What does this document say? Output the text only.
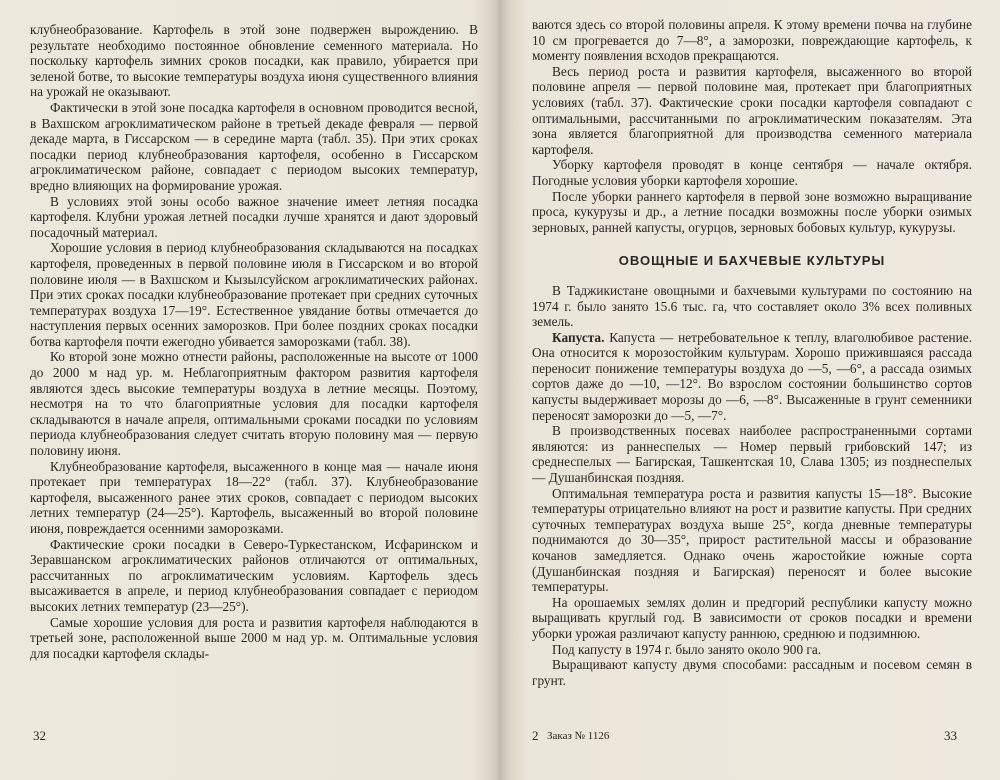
клубнеобразование. Картофель в этой зоне подвержен вырождению. В результате необходимо постоянное обновление семенного материала. Но поскольку картофель зимних сроков посадки, как правило, убирается при зеленой ботве, то высокие температуры воздуха июня существенного влияния на урожай не оказывают.

Фактически в этой зоне посадка картофеля в основном проводится весной, в Вахшском агроклиматическом районе в третьей декаде февраля — первой декаде марта, в Гиссарском — в середине марта (табл. 35). При этих сроках посадки период клубнеобразования картофеля, особенно в Гиссарском агроклиматическом районе, совпадает с периодом высоких температур, вредно влияющих на формирование урожая.

В условиях этой зоны особо важное значение имеет летняя посадка картофеля. Клубни урожая летней посадки лучше хранятся и дают здоровый посадочный материал.

Хорошие условия в период клубнеобразования складываются на посадках картофеля, проведенных в первой половине июля в Гиссарском и во второй половине июля — в Вахшском и Кызылсуйском агроклиматических районах. При этих сроках посадки клубнеобразование протекает при средних суточных температурах воздуха 17—19°. Естественное увядание ботвы отмечается до наступления первых осенних заморозков. При более поздних сроках посадки ботва картофеля почти ежегодно убивается заморозками (табл. 38).

Ко второй зоне можно отнести районы, расположенные на высоте от 1000 до 2000 м над ур. м. Неблагоприятным фактором развития картофеля являются здесь высокие температуры воздуха в летние месяцы. Поэтому, несмотря на то что благоприятные условия для посадки картофеля складываются в начале апреля, оптимальными сроками посадки по условиям периода клубнеобразования следует считать вторую половину мая — первую половину июня.

Клубнеобразование картофеля, высаженного в конце мая — начале июня протекает при температурах 18—22° (табл. 37). Клубнеобразование картофеля, высаженного ранее этих сроков, совпадает с периодом высоких летних температур (24—25°). Картофель, высаженный во второй половине июня, повреждается осенними заморозками.

Фактические сроки посадки в Северо-Туркестанском, Исфаринском и Зеравшанском агроклиматических районов отличаются от оптимальных, рассчитанных по агроклиматическим условиям. Картофель здесь высаживается в апреле, и период клубнеобразования совпадает с периодом высоких летних температур (23—25°).

Самые хорошие условия для роста и развития картофеля наблюдаются в третьей зоне, расположенной выше 2000 м над ур. м. Оптимальные условия для посадки картофеля склады-

ваются здесь со второй половины апреля. К этому времени почва на глубине 10 см прогревается до 7—8°, а заморозки, повреждающие картофель, к моменту появления всходов прекращаются.

Весь период роста и развития картофеля, высаженного во второй половине апреля — первой половине мая, протекает при благоприятных условиях (табл. 37). Фактические сроки посадки картофеля совпадают с оптимальными, рассчитанными по агроклиматическим показателям. Эта зона является благоприятной для производства семенного материала картофеля.

Уборку картофеля проводят в конце сентября — начале октября. Погодные условия уборки картофеля хорошие.

После уборки раннего картофеля в первой зоне возможно выращивание проса, кукурузы и др., а летние посадки возможны после уборки озимых зерновых, ранней капусты, огурцов, зерновых бобовых культур, кукурузы.

ОВОЩНЫЕ И БАХЧЕВЫЕ КУЛЬТУРЫ

В Таджикистане овощными и бахчевыми культурами по состоянию на 1974 г. было занято 15.6 тыс. га, что составляет около 3% всех поливных земель.

Капуста. Капуста — нетребовательное к теплу, влаголюбивое растение. Она относится к морозостойким культурам. Хорошо прижившаяся рассада переносит понижение температуры воздуха до —5, —6°, а рассада озимых сортов даже до —10, —12°. Во взрослом состоянии большинство сортов капусты выдерживает морозы до —6, —8°. Высаженные в грунт семенники переносят заморозки до —5, —7°.

В производственных посевах наиболее распространенными сортами являются: из раннеспелых — Номер первый грибовский 147; из среднеспелых — Багирская, Ташкентская 10, Слава 1305; из позднеспелых — Душанбинская поздняя.

Оптимальная температура роста и развития капусты 15—18°. Высокие температуры отрицательно влияют на рост и развитие капусты. При средних суточных температурах воздуха выше 25°, когда дневные температуры поднимаются до 30—35°, прирост растительной массы и образование кочанов замедляется. Однако очень жаростойкие южные сорта (Душанбинская поздняя и Багирская) переносят и более высокие температуры.

На орошаемых землях долин и предгорий республики капусту можно выращивать круглый год. В зависимости от сроков посадки и времени уборки урожая различают капусту раннюю, среднюю и подзимнюю.

Под капусту в 1974 г. было занято около 900 га.

Выращивают капусту двумя способами: рассадным и посевом семян в грунт.

32	2 Заказ № 1126	33
